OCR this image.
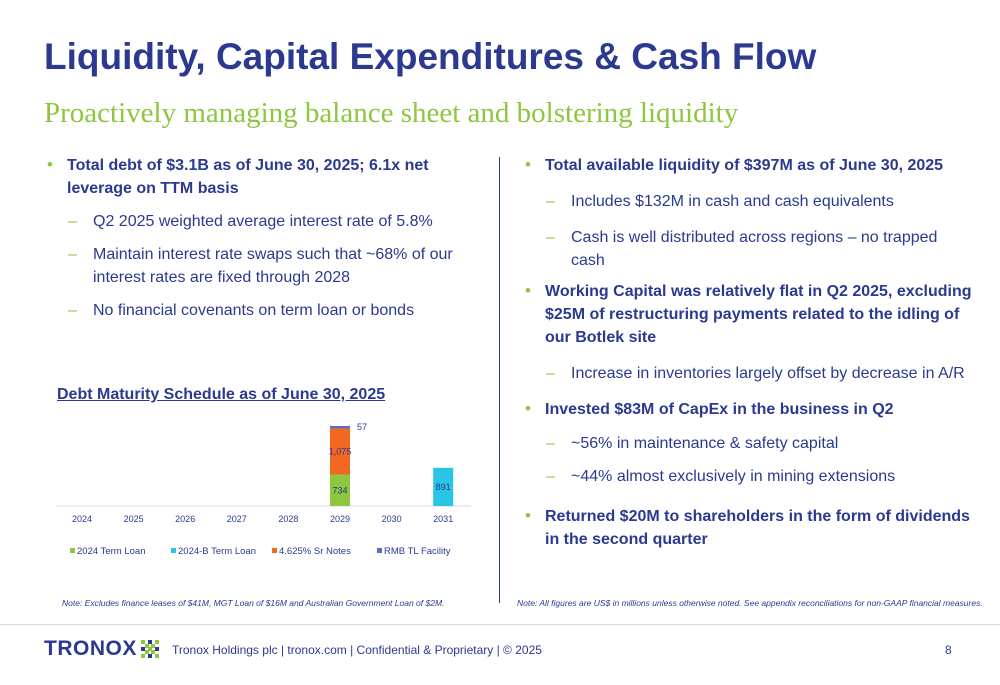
Liquidity, Capital Expenditures & Cash Flow
Proactively managing balance sheet and bolstering liquidity
• Total debt of $3.1B as of June 30, 2025; 6.1x net leverage on TTM basis
– Q2 2025 weighted average interest rate of 5.8%
– Maintain interest rate swaps such that ~68% of our interest rates are fixed through 2028
– No financial covenants on term loan or bonds
• Total available liquidity of $397M as of June 30, 2025
– Includes $132M in cash and cash equivalents
– Cash is well distributed across regions – no trapped cash
• Working Capital was relatively flat in Q2 2025, excluding $25M of restructuring payments related to the idling of our Botlek site
– Increase in inventories largely offset by decrease in A/R
• Invested $83M of CapEx in the business in Q2
– ~56% in maintenance & safety capital
– ~44% almost exclusively in mining extensions
• Returned $20M to shareholders in the form of dividends in the second quarter
Debt Maturity Schedule as of June 30, 2025
2024	2025	2026	2027	2028	2029	2030	2031
734	891
1,075
57
2024 Term Loan	2024-B Term Loan 4.625% Sr Notes	RMB TL Facility
Note: Excludes finance leases of $41M, MGT Loan of $16M and Australian Government Loan of $2M.	Note: All figures are US$ in millions unless otherwise noted. See appendix reconciliations for non-GAAP financial measures.
TRONOX	Tronox Holdings plc | tronox.com | Confidential & Proprietary | © 2025	8
